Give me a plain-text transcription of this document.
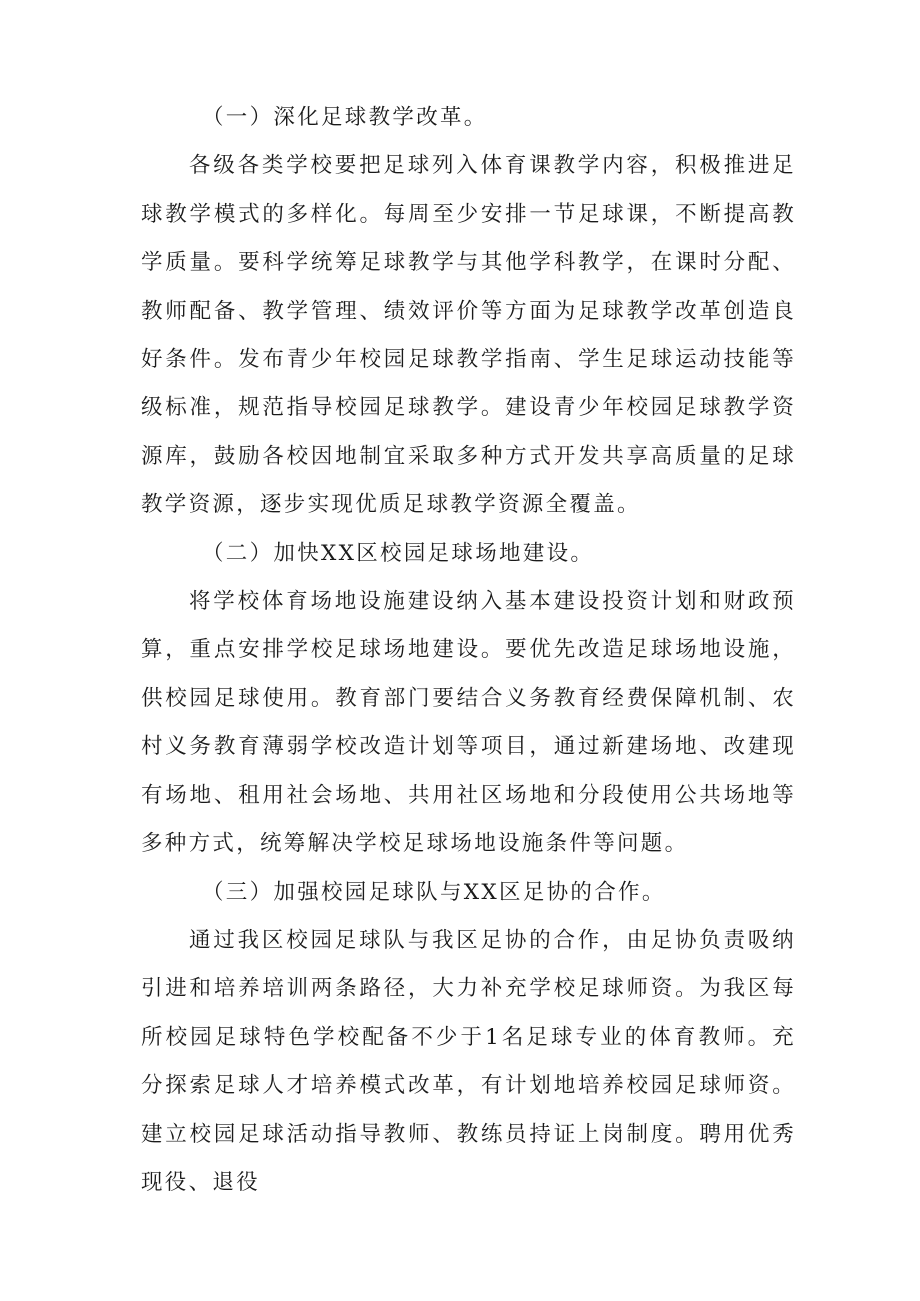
（一）深化足球教学改革。

各级各类学校要把足球列入体育课教学内容，积极推进足球教学模式的多样化。每周至少安排一节足球课，不断提高教学质量。要科学统筹足球教学与其他学科教学，在课时分配、教师配备、教学管理、绩效评价等方面为足球教学改革创造良好条件。发布青少年校园足球教学指南、学生足球运动技能等级标准，规范指导校园足球教学。建设青少年校园足球教学资源库，鼓励各校因地制宜采取多种方式开发共享高质量的足球教学资源，逐步实现优质足球教学资源全覆盖。

（二）加快XX区校园足球场地建设。

将学校体育场地设施建设纳入基本建设投资计划和财政预算，重点安排学校足球场地建设。要优先改造足球场地设施，供校园足球使用。教育部门要结合义务教育经费保障机制、农村义务教育薄弱学校改造计划等项目，通过新建场地、改建现有场地、租用社会场地、共用社区场地和分段使用公共场地等多种方式，统筹解决学校足球场地设施条件等问题。

（三）加强校园足球队与XX区足协的合作。

通过我区校园足球队与我区足协的合作，由足协负责吸纳引进和培养培训两条路径，大力补充学校足球师资。为我区每所校园足球特色学校配备不少于1名足球专业的体育教师。充分探索足球人才培养模式改革，有计划地培养校园足球师资。建立校园足球活动指导教师、教练员持证上岗制度。聘用优秀现役、退役
